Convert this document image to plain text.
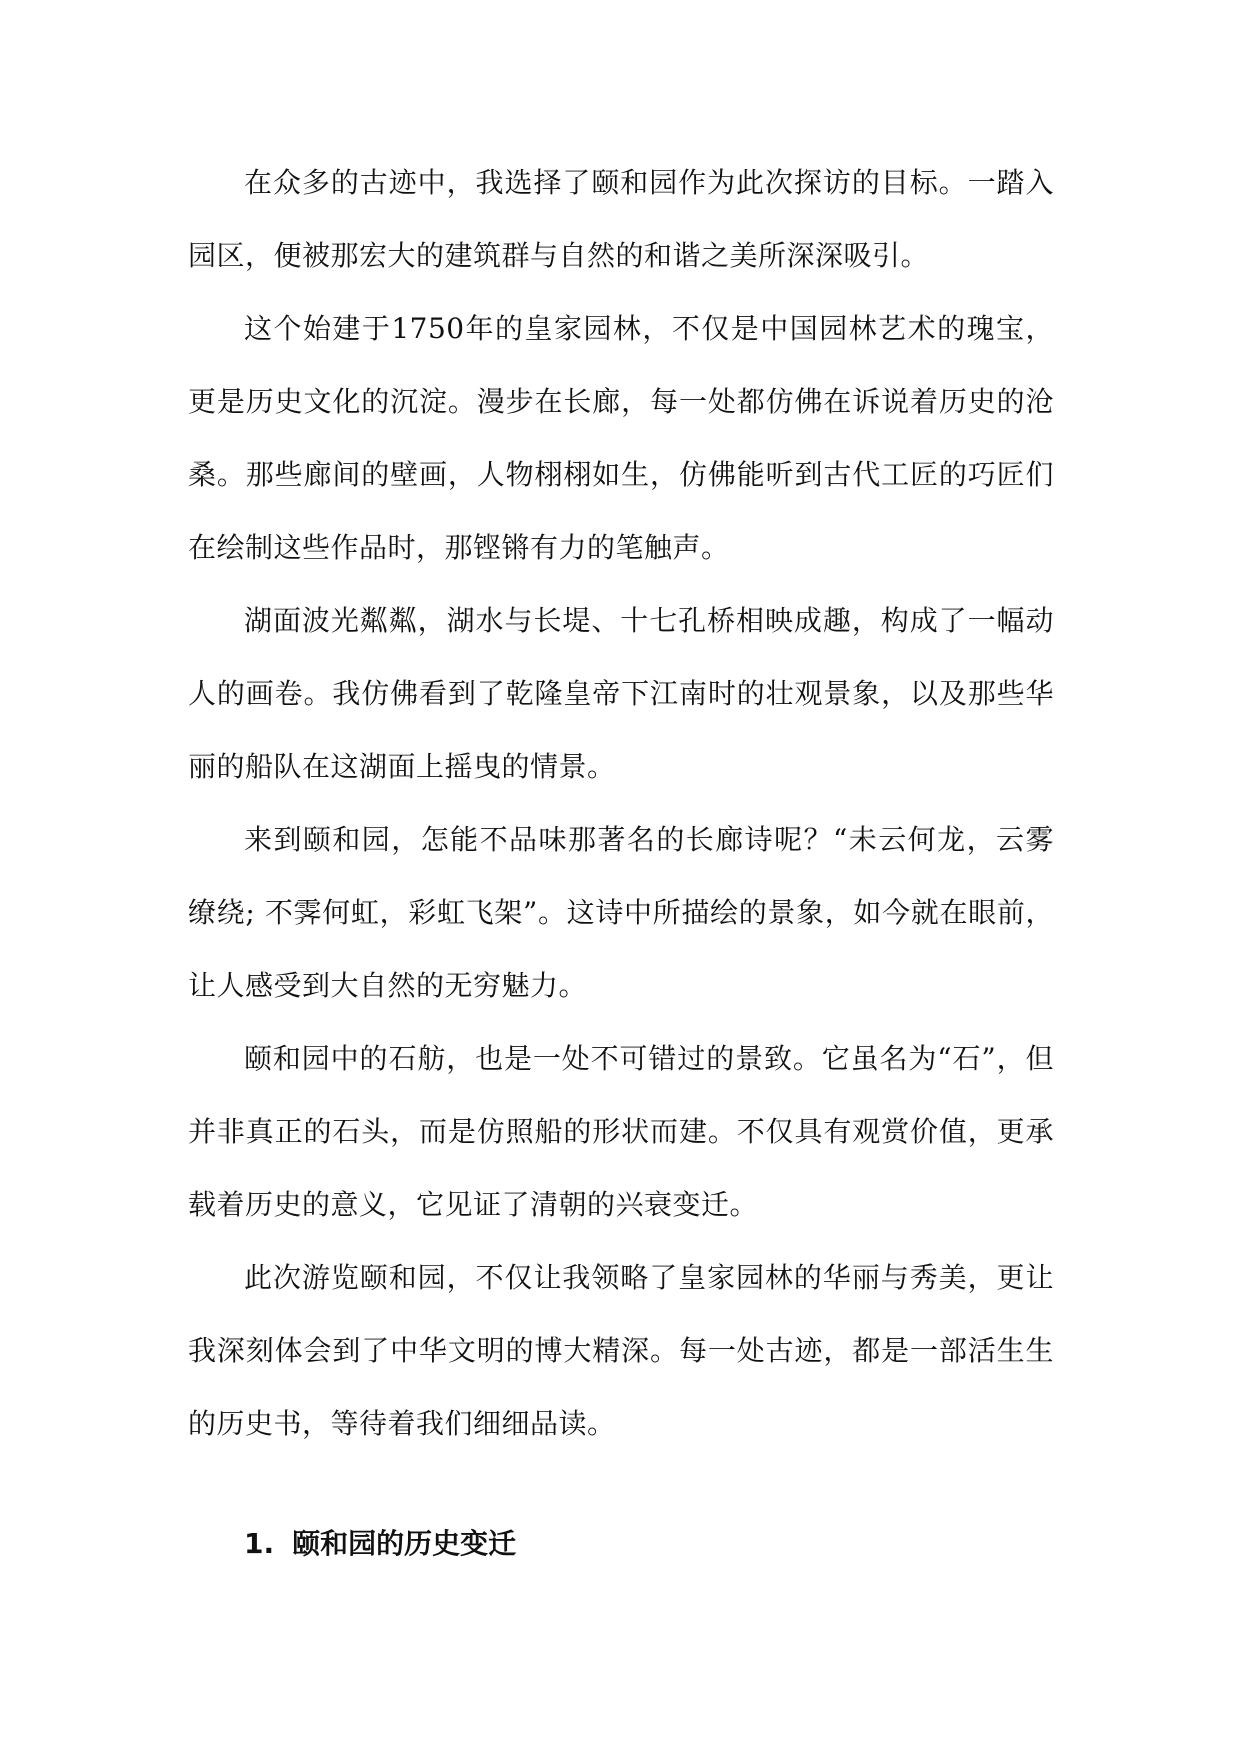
在众多的古迹中，我选择了颐和园作为此次探访的目标。一踏入园区，便被那宏大的建筑群与自然的和谐之美所深深吸引。

这个始建于1750年的皇家园林，不仅是中国园林艺术的瑰宝，更是历史文化的沉淀。漫步在长廊，每一处都仿佛在诉说着历史的沧桑。那些廊间的壁画，人物栩栩如生，仿佛能听到古代工匠的巧匠们在绘制这些作品时，那铿锵有力的笔触声。

湖面波光粼粼，湖水与长堤、十七孔桥相映成趣，构成了一幅动人的画卷。我仿佛看到了乾隆皇帝下江南时的壮观景象，以及那些华丽的船队在这湖面上摇曳的情景。

来到颐和园，怎能不品味那著名的长廊诗呢？“未云何龙，云雾缭绕; 不霁何虹，彩虹飞架”。这诗中所描绘的景象，如今就在眼前，让人感受到大自然的无穷魅力。

颐和园中的石舫，也是一处不可错过的景致。它虽名为“石”，但并非真正的石头，而是仿照船的形状而建。不仅具有观赏价值，更承载着历史的意义，它见证了清朝的兴衰变迁。

此次游览颐和园，不仅让我领略了皇家园林的华丽与秀美，更让我深刻体会到了中华文明的博大精深。每一处古迹，都是一部活生生的历史书，等待着我们细细品读。

1. 颐和园的历史变迁
